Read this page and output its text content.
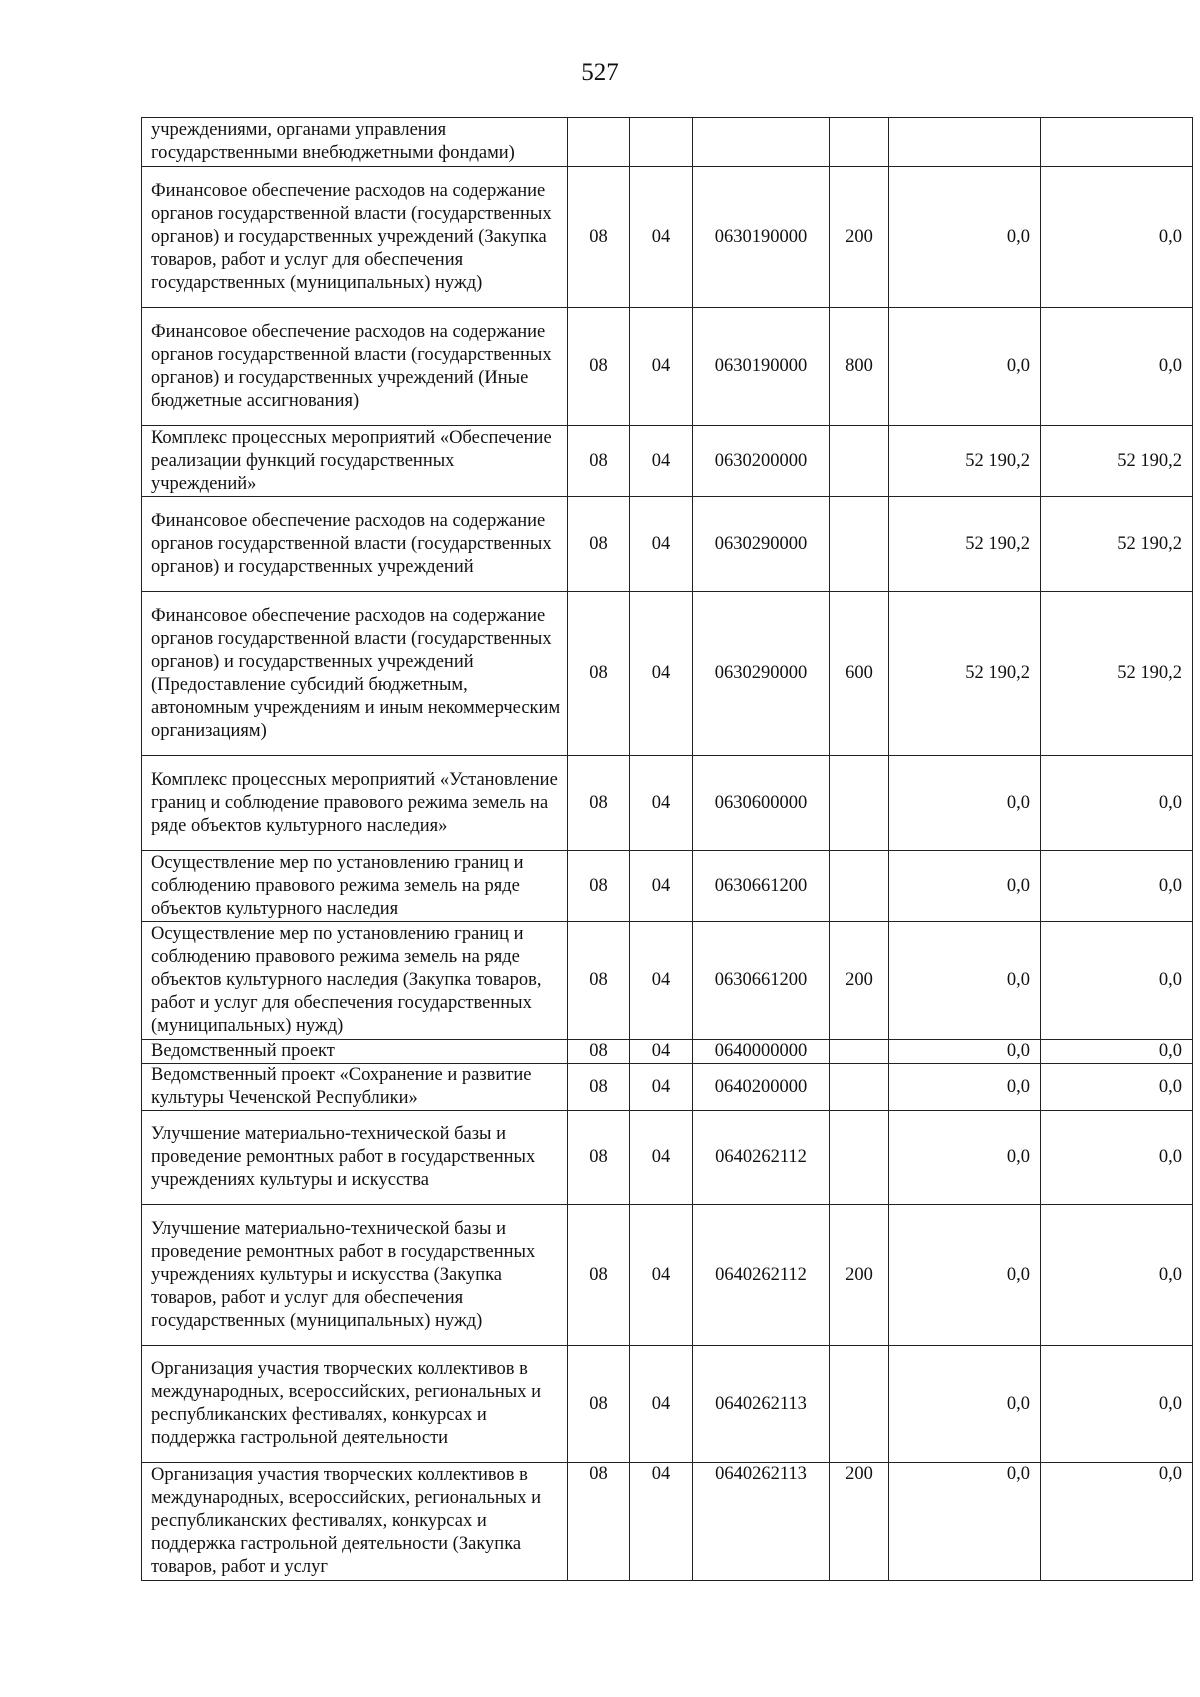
527
учреждениями, органами управления государственными внебюджетными фондами)						
Финансовое обеспечение расходов на содержание органов государственной власти (государственных органов) и государственных учреждений (Закупка товаров, работ и услуг для обеспечения государственных (муниципальных) нужд)	08	04	0630190000	200	0,0	0,0
Финансовое обеспечение расходов на содержание органов государственной власти (государственных органов) и государственных учреждений (Иные бюджетные ассигнования)	08	04	0630190000	800	0,0	0,0
Комплекс процессных мероприятий «Обеспечение реализации функций государственных учреждений»	08	04	0630200000		52 190,2	52 190,2
Финансовое обеспечение расходов на содержание органов государственной власти (государственных органов) и государственных учреждений	08	04	0630290000		52 190,2	52 190,2
Финансовое обеспечение расходов на содержание органов государственной власти (государственных органов) и государственных учреждений (Предоставление субсидий бюджетным, автономным учреждениям и иным некоммерческим организациям)	08	04	0630290000	600	52 190,2	52 190,2
Комплекс процессных мероприятий «Установление границ и соблюдение правового режима земель на ряде объектов культурного наследия»	08	04	0630600000		0,0	0,0
Осуществление мер по установлению границ и соблюдению правового режима земель на ряде объектов культурного наследия	08	04	0630661200		0,0	0,0
Осуществление мер по установлению границ и соблюдению правового режима земель на ряде объектов культурного наследия (Закупка товаров, работ и услуг для обеспечения государственных (муниципальных) нужд)	08	04	0630661200	200	0,0	0,0
Ведомственный проект	08	04	0640000000		0,0	0,0
Ведомственный проект «Сохранение и развитие культуры Чеченской Республики»	08	04	0640200000		0,0	0,0
Улучшение материально-технической базы и проведение ремонтных работ в государственных учреждениях культуры и искусства	08	04	0640262112		0,0	0,0
Улучшение материально-технической базы и проведение ремонтных работ в государственных учреждениях культуры и искусства (Закупка товаров, работ и услуг для обеспечения государственных (муниципальных) нужд)	08	04	0640262112	200	0,0	0,0
Организация участия творческих коллективов в международных, всероссийских, региональных и республиканских фестивалях, конкурсах и поддержка гастрольной деятельности	08	04	0640262113		0,0	0,0
Организация участия творческих коллективов в международных, всероссийских, региональных и республиканских фестивалях, конкурсах и поддержка гастрольной деятельности (Закупка товаров, работ и услуг	08	04	0640262113	200	0,0	0,0
